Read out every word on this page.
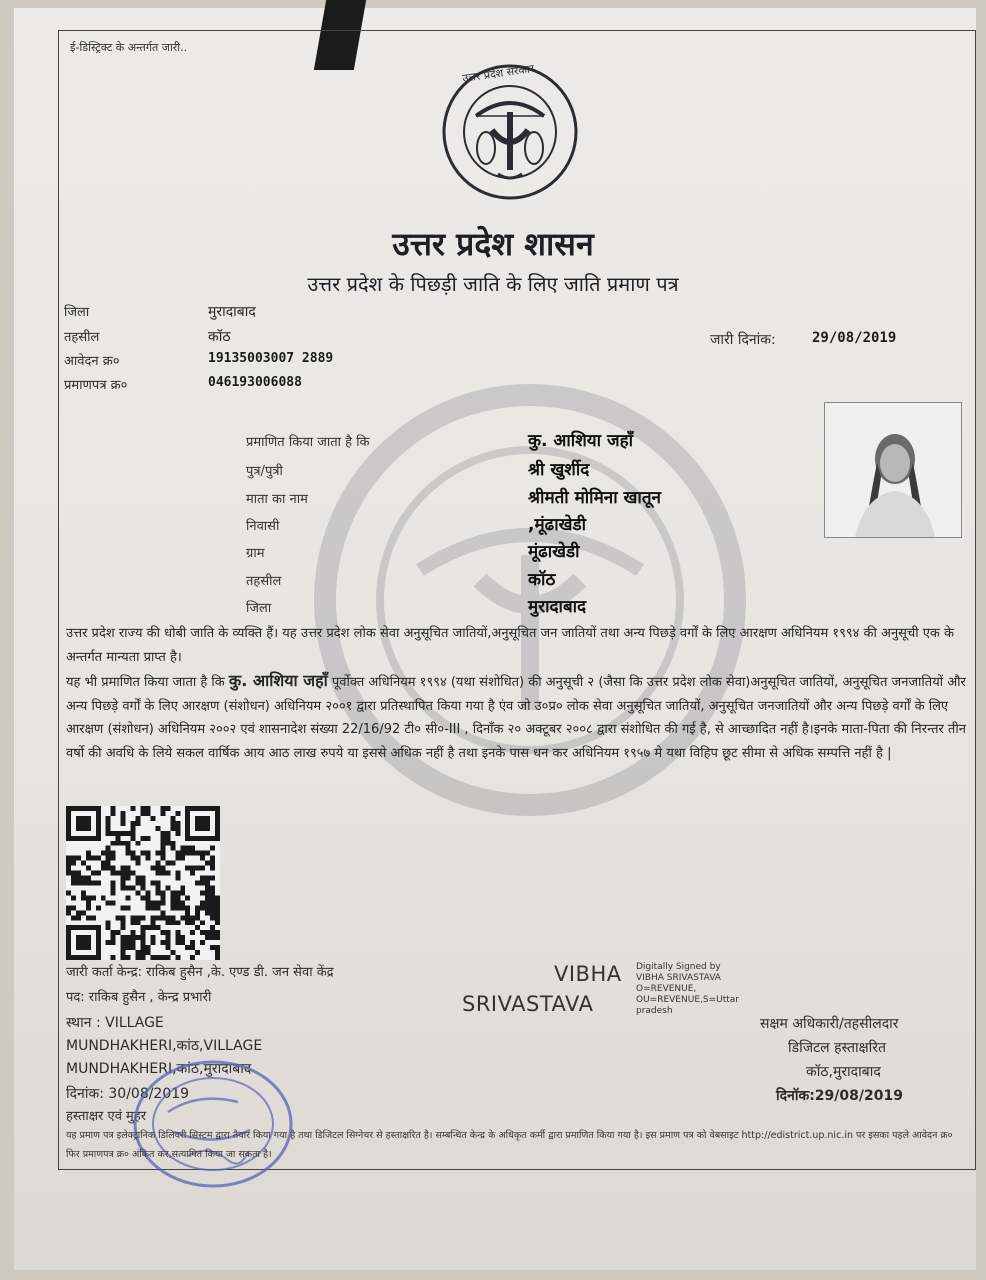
ई-डिस्ट्रिक्ट के अन्तर्गत जारी..
उत्तर प्रदेश सरकार
उत्तर प्रदेश शासन
उत्तर प्रदेश के पिछड़ी जाति के लिए जाति प्रमाण पत्र
जिला	मुरादाबाद
तहसील	कॉठ
आवेदन क्र०	19135003007 2889
प्रमाणपत्र क्र०	046193006088
जारी दिनांक:	29/08/2019
प्रमाणित किया जाता है कि	कु. आशिया जहाँ
पुत्र/पुत्री	श्री खुर्शीद
माता का नाम	श्रीमती मोमिना खातून
निवासी	,मूंढाखेडी
ग्राम	मूंढाखेडी
तहसील	कॉठ
जिला	मुरादाबाद
उत्तर प्रदेश राज्य की धोबी जाति के व्यक्ति हैं। यह उत्तर प्रदेश लोक सेवा अनुसूचित जातियों,अनुसूचित जन जातियों तथा अन्य पिछड़े वर्गों के लिए आरक्षण अधिनियम १९९४ की अनुसूची एक के अन्तर्गत मान्यता प्राप्त है।
यह भी प्रमाणित किया जाता है कि कु. आशिया जहाँ पूर्वोक्त अधिनियम १९९४ (यथा संशोधित) की अनुसूची २ (जैसा कि उत्तर प्रदेश लोक सेवा)अनुसूचित जातियों, अनुसूचित जनजातियों और अन्य पिछड़े वर्गों के लिए आरक्षण (संशोधन) अधिनियम २००१ द्वारा प्रतिस्थापित किया गया है एंव जो उ०प्र० लोक सेवा अनुसूचित जातियों, अनुसूचित जनजातियों और अन्य पिछड़े वर्गों के लिए आरक्षण (संशोधन) अधिनियम २००२ एवं शासनादेश संख्या 22/16/92 टी० सी०-III , दिनाँक २० अक्टूबर २००८ द्वारा संशोधित की गई है, से आच्छादित नहीं है।इनके माता-पिता की निरन्तर तीन वर्षो की अवधि के लिये सकल वार्षिक आय आठ लाख रुपये या इससे अधिक नहीं है तथा इनके पास धन कर अधिनियम १९५७ मे यथा विहिप छूट सीमा से अधिक सम्पत्ति नहीं है |
जारी कर्ता केन्द्र: राकिब हुसैन ,के. एण्ड डी. जन सेवा केंद्र
पद: राकिब हुसैन , केन्द्र प्रभारी
स्थान : VILLAGE
MUNDHAKHERI,कांठ,VILLAGE
MUNDHAKHERI,कांठ,मुरादाबाद
दिनांक: 30/08/2019
हस्ताक्षर एवं मुहर
VIBHA
SRIVASTAVA
Digitally Signed by
VIBHA SRIVASTAVA
O=REVENUE,
OU=REVENUE,S=Uttar
pradesh
सक्षम अधिकारी/तहसीलदार
डिजिटल हस्ताक्षरित
कॉठ,मुरादाबाद
दिनॉक:29/08/2019
यह प्रमाण पत्र इलेक्ट्रानिक डिलिवरी सिस्टम द्वारा तैयार किया गया है तथा डिजिटल सिग्नेचर से हस्ताक्षरित है। सम्बन्धित केन्द्र के अधिकृत कर्मी द्वारा प्रमाणित किया गया है। इस प्रमाण पत्र को वेबसाइट http://edistrict.up.nic.in पर इसका पहले आवेदन क्र० फिर प्रमाणपत्र क्र० अंकित कर,सत्यापित किया जा सकता है।
